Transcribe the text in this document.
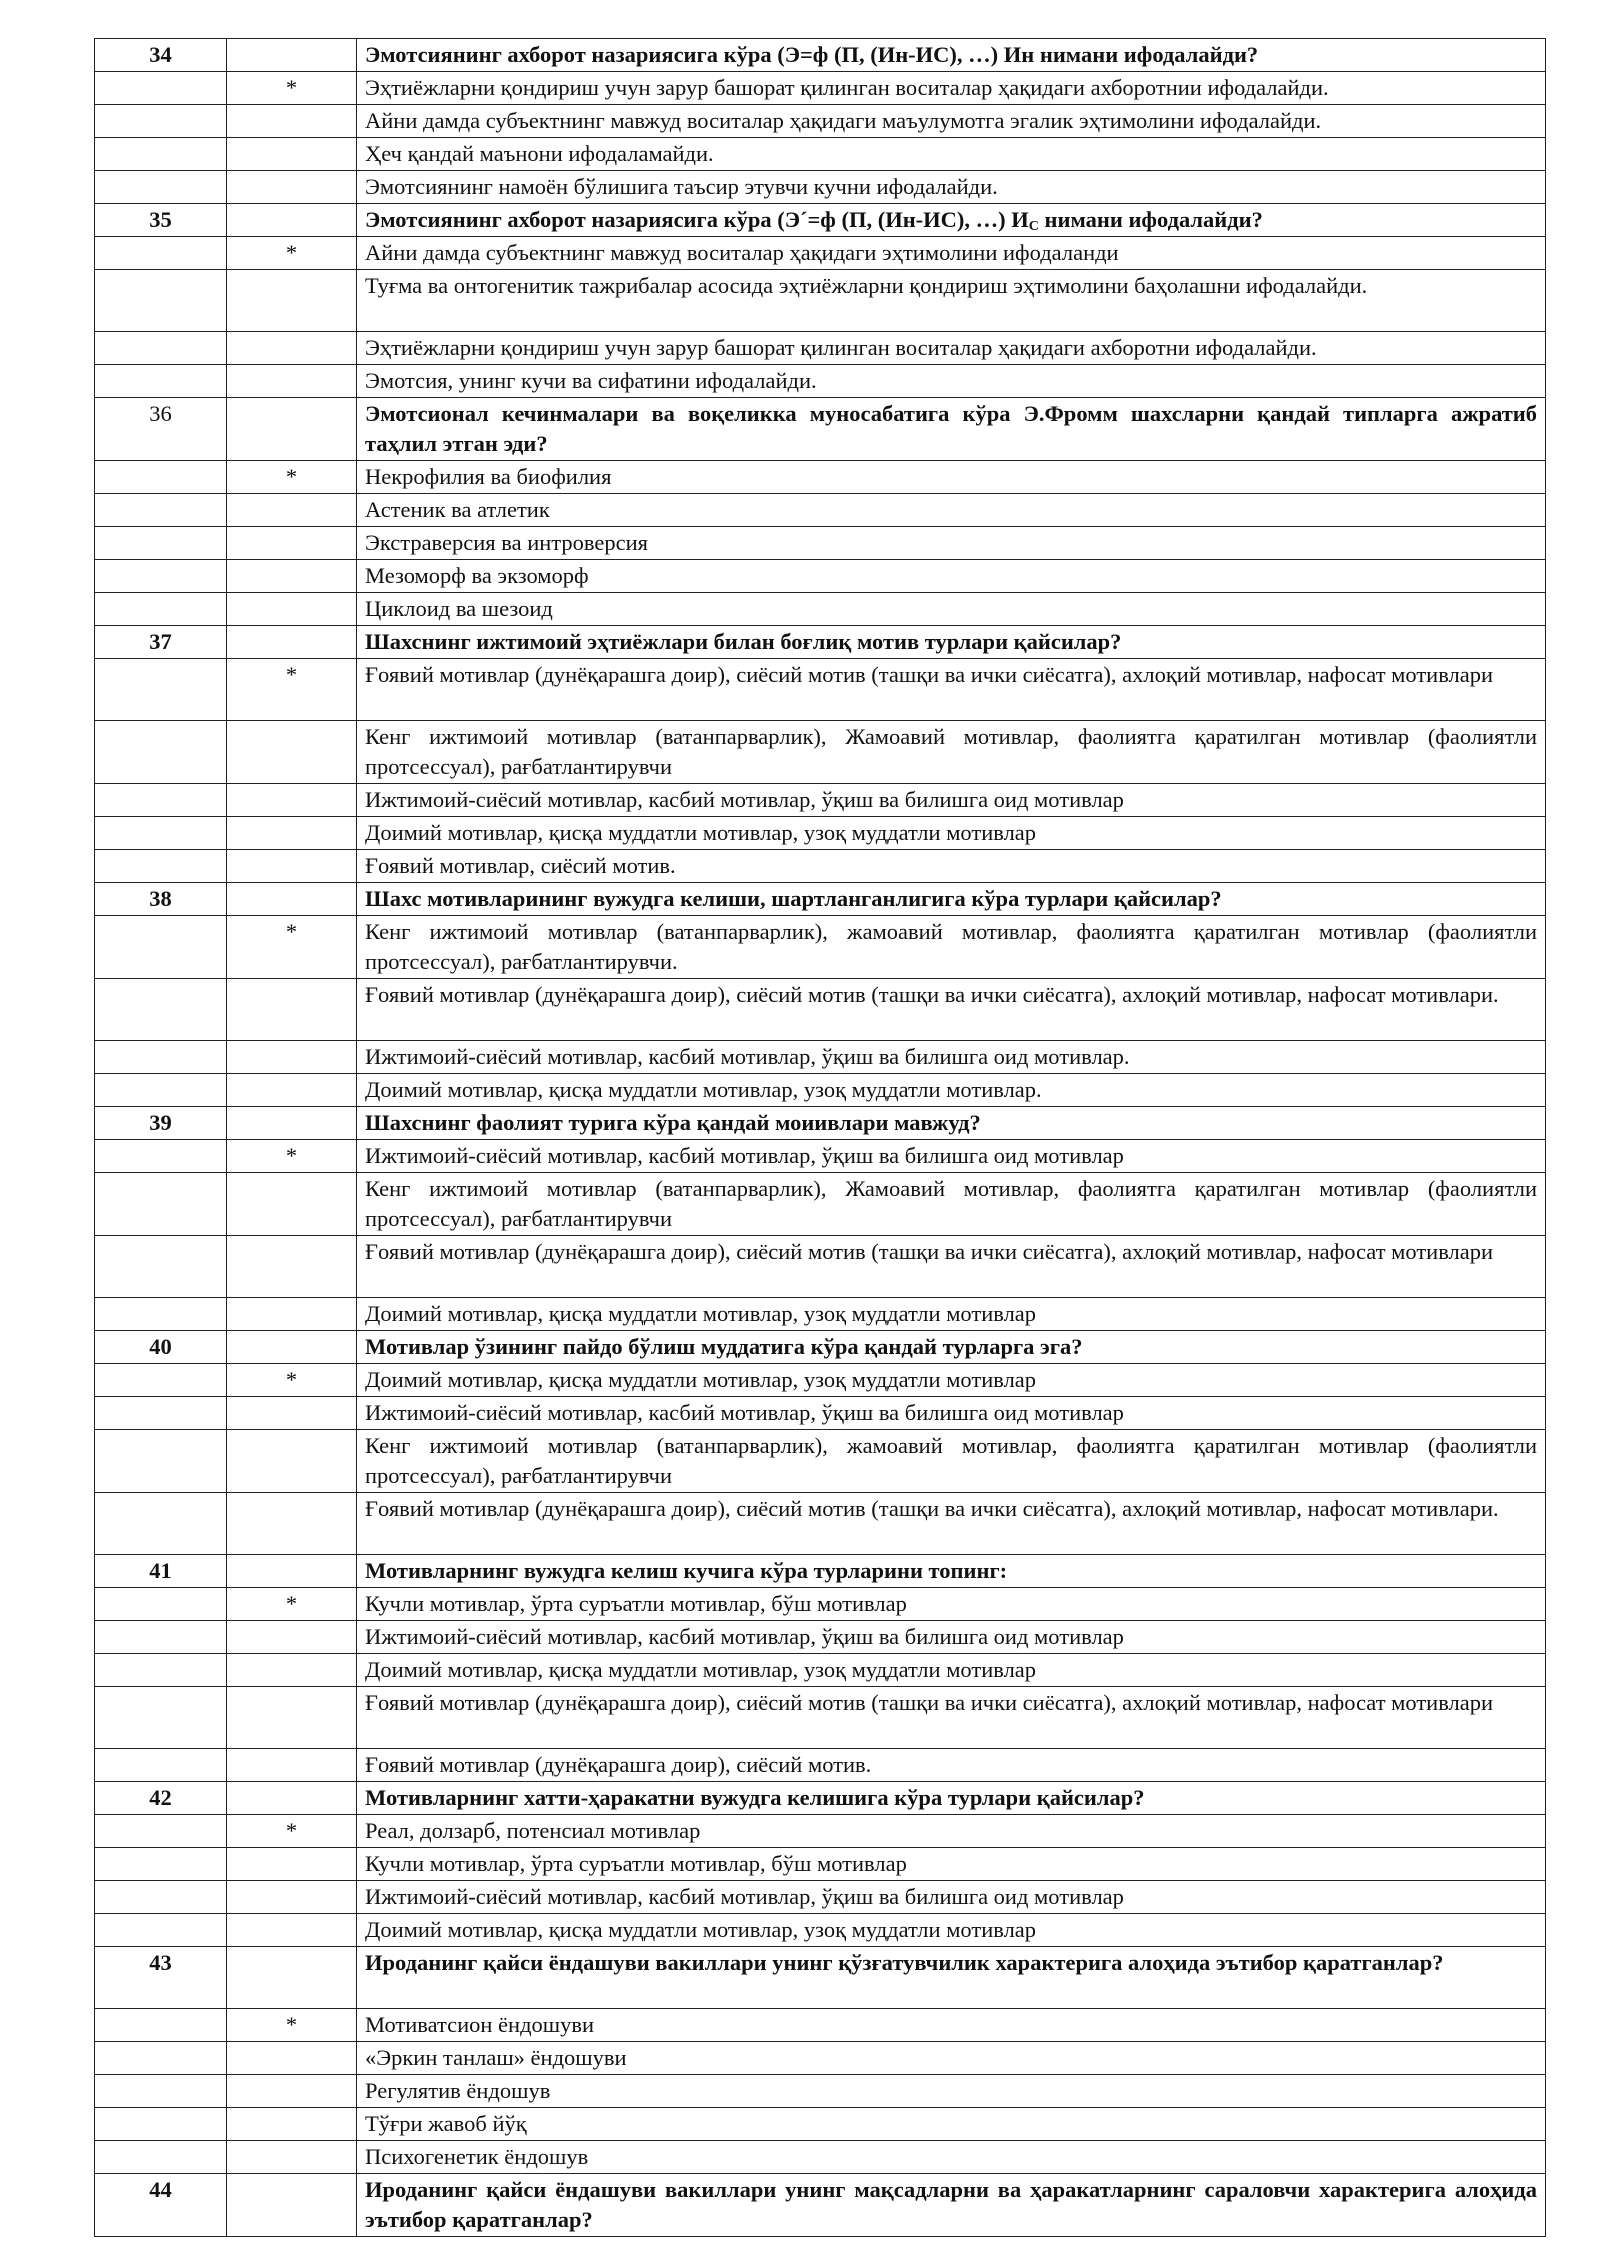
34		Эмотсиянинг ахборот назариясига кўра (Э=ф (П, (Ин-ИС), …) Ин нимани ифодалайди?
	*	Эҳтиёжларни қондириш учун зарур башорат қилинган воситалар ҳақидаги ахборотнии ифодалайди.
		Айни дамда субъектнинг мавжуд воситалар ҳақидаги маъулумотга эгалик эҳтимолини ифодалайди.
		Ҳеч қандай маънони ифодаламайди.
		Эмотсиянинг намоён бўлишига таъсир этувчи кучни ифодалайди.
35		Эмотсиянинг ахборот назариясига кўра (Э´=ф (П, (Ин-ИС), …) $И_С$ нимани ифодалайди?
	*	Айни дамда субъектнинг мавжуд воситалар ҳақидаги эҳтимолини ифодаланди
		Туғма ва онтогенитик тажрибалар асосида эҳтиёжларни қондириш эҳтимолини баҳолашни ифодалайди.
		Эҳтиёжларни қондириш учун зарур башорат қилинган воситалар ҳақидаги ахборотни ифодалайди.
		Эмотсия, унинг кучи ва сифатини ифодалайди.
36		Эмотсионал кечинмалари ва воқеликка муносабатига кўра Э.Фромм шахсларни қандай типларга ажратиб таҳлил этган эди?
	*	Некрофилия ва биофилия
		Астеник ва атлетик
		Экстраверсия ва интроверсия
		Мезоморф ва экзоморф
		Циклоид ва шезоид
37		Шахснинг ижтимоий эҳтиёжлари билан боғлиқ мотив турлари қайсилар?
	*	Ғоявий мотивлар (дунёқарашга доир), сиёсий мотив (ташқи ва ички сиёсатга), ахлоқий мотивлар, нафосат мотивлари
		Кенг ижтимоий мотивлар (ватанпарварлик), Жамоавий мотивлар, фаолиятга қаратилган мотивлар (фаолиятли протсессуал), рағбатлантирувчи
		Ижтимоий-сиёсий мотивлар, касбий мотивлар, ўқиш ва билишга оид мотивлар
		Доимий мотивлар, қисқа муддатли мотивлар, узоқ муддатли мотивлар
		Ғоявий мотивлар, сиёсий мотив.
38		Шахс мотивларининг вужудга келиши, шартланганлигига кўра турлари қайсилар?
	*	Кенг ижтимоий мотивлар (ватанпарварлик), жамоавий мотивлар, фаолиятга қаратилган мотивлар (фаолиятли протсессуал), рағбатлантирувчи.
		Ғоявий мотивлар (дунёқарашга доир), сиёсий мотив (ташқи ва ички сиёсатга), ахлоқий мотивлар, нафосат мотивлари.
		Ижтимоий-сиёсий мотивлар, касбий мотивлар, ўқиш ва билишга оид мотивлар.
		Доимий мотивлар, қисқа муддатли мотивлар, узоқ муддатли мотивлар.
39		Шахснинг фаолият турига кўра қандай моиивлари мавжуд?
	*	Ижтимоий-сиёсий мотивлар, касбий мотивлар, ўқиш ва билишга оид мотивлар
		Кенг ижтимоий мотивлар (ватанпарварлик), Жамоавий мотивлар, фаолиятга қаратилган мотивлар (фаолиятли протсессуал), рағбатлантирувчи
		Ғоявий мотивлар (дунёқарашга доир), сиёсий мотив (ташқи ва ички сиёсатга), ахлоқий мотивлар, нафосат мотивлари
		Доимий мотивлар, қисқа муддатли мотивлар, узоқ муддатли мотивлар
40		Мотивлар ўзининг пайдо бўлиш муддатига кўра қандай турларга эга?
	*	Доимий мотивлар, қисқа муддатли мотивлар, узоқ муддатли мотивлар
		Ижтимоий-сиёсий мотивлар, касбий мотивлар, ўқиш ва билишга оид мотивлар
		Кенг ижтимоий мотивлар (ватанпарварлик), жамоавий мотивлар, фаолиятга қаратилган мотивлар (фаолиятли протсессуал), рағбатлантирувчи
		Ғоявий мотивлар (дунёқарашга доир), сиёсий мотив (ташқи ва ички сиёсатга), ахлоқий мотивлар, нафосат мотивлари.
41		Мотивларнинг вужудга келиш кучига кўра турларини топинг:
	*	Кучли мотивлар, ўрта суръатли мотивлар, бўш мотивлар
		Ижтимоий-сиёсий мотивлар, касбий мотивлар, ўқиш ва билишга оид мотивлар
		Доимий мотивлар, қисқа муддатли мотивлар, узоқ муддатли мотивлар
		Ғоявий мотивлар (дунёқарашга доир), сиёсий мотив (ташқи ва ички сиёсатга), ахлоқий мотивлар, нафосат мотивлари
		Ғоявий мотивлар (дунёқарашга доир), сиёсий мотив.
42		Мотивларнинг хатти-ҳаракатни вужудга келишига кўра турлари қайсилар?
	*	Реал, долзарб, потенсиал мотивлар
		Кучли мотивлар, ўрта суръатли мотивлар, бўш мотивлар
		Ижтимоий-сиёсий мотивлар, касбий мотивлар, ўқиш ва билишга оид мотивлар
		Доимий мотивлар, қисқа муддатли мотивлар, узоқ муддатли мотивлар
43		Ироданинг қайси ёндашуви вакиллари унинг қўзғатувчилик характерига алоҳида эътибор қаратганлар?
	*	Мотиватсион ёндошуви
		«Эркин танлаш» ёндошуви
		Регулятив ёндошув
		Тўғри жавоб йўқ
		Психогенетик ёндошув
44		Ироданинг қайси ёндашуви вакиллари унинг мақсадларни ва ҳаракатларнинг сараловчи характерига алоҳида эътибор қаратганлар?
